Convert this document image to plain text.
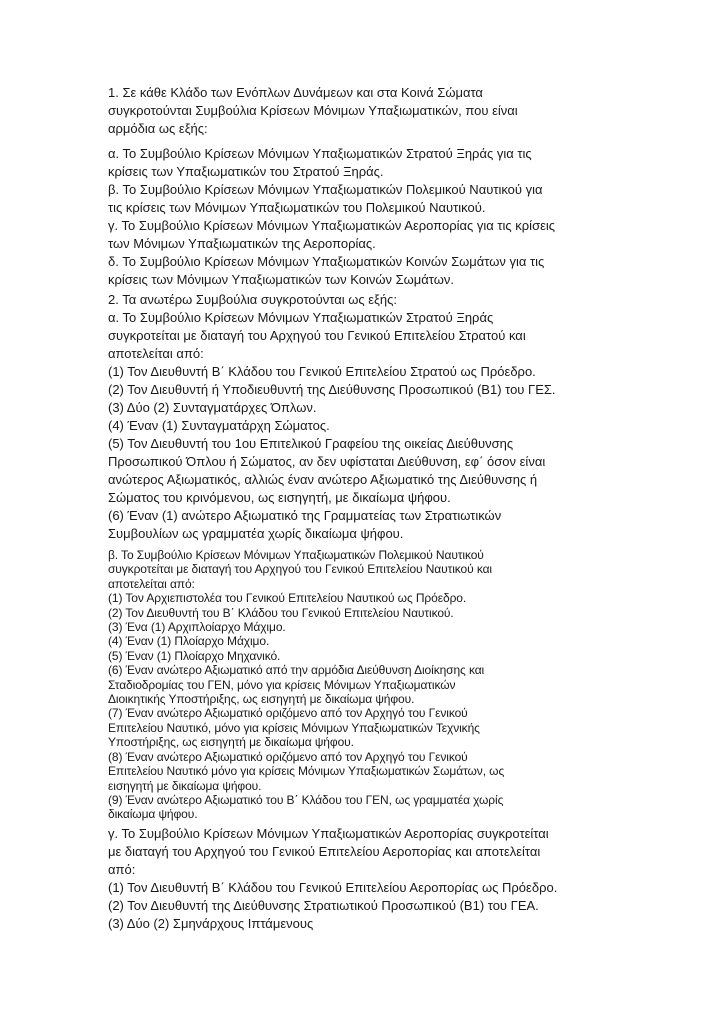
1. Σε κάθε Κλάδο των Ενόπλων Δυνάμεων και στα Κοινά Σώματα
συγκροτούνται Συμβούλια Κρίσεων Μόνιμων Υπαξιωματικών, που είναι
αρμόδια ως εξής:
α. Το Συμβούλιο Κρίσεων Μόνιμων Υπαξιωματικών Στρατού Ξηράς για τις
κρίσεις των Υπαξιωματικών του Στρατού Ξηράς.
β. Το Συμβούλιο Κρίσεων Μόνιμων Υπαξιωματικών Πολεμικού Ναυτικού για
τις κρίσεις των Μόνιμων Υπαξιωματικών του Πολεμικού Ναυτικού.
γ. Το Συμβούλιο Κρίσεων Μόνιμων Υπαξιωματικών Αεροπορίας για τις κρίσεις
των Μόνιμων Υπαξιωματικών της Αεροπορίας.
δ. Το Συμβούλιο Κρίσεων Μόνιμων Υπαξιωματικών Κοινών Σωμάτων για τις
κρίσεις των Μόνιμων Υπαξιωματικών των Κοινών Σωμάτων.
2. Τα ανωτέρω Συμβούλια συγκροτούνται ως εξής:
α. Το Συμβούλιο Κρίσεων Μόνιμων Υπαξιωματικών Στρατού Ξηράς
συγκροτείται με διαταγή του Αρχηγού του Γενικού Επιτελείου Στρατού και
αποτελείται από:
(1) Τον Διευθυντή Β΄ Κλάδου του Γενικού Επιτελείου Στρατού ως Πρόεδρο.
(2) Τον Διευθυντή ή Υποδιευθυντή της Διεύθυνσης Προσωπικού (Β1) του ΓΕΣ.
(3) Δύο (2) Συνταγματάρχες Όπλων.
(4) Έναν (1) Συνταγματάρχη Σώματος.
(5) Τον Διευθυντή του 1ου Επιτελικού Γραφείου της οικείας Διεύθυνσης
Προσωπικού Όπλου ή Σώματος, αν δεν υφίσταται Διεύθυνση, εφ΄ όσον είναι
ανώτερος Αξιωματικός, αλλιώς έναν ανώτερο Αξιωματικό της Διεύθυνσης ή
Σώματος του κρινόμενου, ως εισηγητή, με δικαίωμα ψήφου.
(6) Έναν (1) ανώτερο Αξιωματικό της Γραμματείας των Στρατιωτικών
Συμβουλίων ως γραμματέα χωρίς δικαίωμα ψήφου.
β. Το Συμβούλιο Κρίσεων Μόνιμων Υπαξιωματικών Πολεμικού Ναυτικού
συγκροτείται με διαταγή του Αρχηγού του Γενικού Επιτελείου Ναυτικού και
αποτελείται από:
(1) Τον Αρχιεπιστολέα του Γενικού Επιτελείου Ναυτικού ως Πρόεδρο.
(2) Τον Διευθυντή του Β΄ Κλάδου του Γενικού Επιτελείου Ναυτικού.
(3) Ένα (1) Αρχιπλοίαρχο Μάχιμο.
(4) Έναν (1) Πλοίαρχο Μάχιμο.
(5) Έναν (1) Πλοίαρχο Μηχανικό.
(6) Έναν ανώτερο Αξιωματικό από την αρμόδια Διεύθυνση Διοίκησης και
Σταδιοδρομίας του ΓΕΝ, μόνο για κρίσεις Μόνιμων Υπαξιωματικών
Διοικητικής Υποστήριξης, ως εισηγητή με δικαίωμα ψήφου.
(7) Έναν ανώτερο Αξιωματικό οριζόμενο από τον Αρχηγό του Γενικού
Επιτελείου Ναυτικό, μόνο για κρίσεις Μόνιμων Υπαξιωματικών Τεχνικής
Υποστήριξης, ως εισηγητή με δικαίωμα ψήφου.
(8) Έναν ανώτερο Αξιωματικό οριζόμενο από τον Αρχηγό του Γενικού
Επιτελείου Ναυτικό μόνο για κρίσεις Μόνιμων Υπαξιωματικών Σωμάτων, ως
εισηγητή με δικαίωμα ψήφου.
(9) Έναν ανώτερο Αξιωματικό του Β΄ Κλάδου του ΓΕΝ, ως γραμματέα χωρίς
δικαίωμα ψήφου.
γ. Το Συμβούλιο Κρίσεων Μόνιμων Υπαξιωματικών Αεροπορίας συγκροτείται
με διαταγή του Αρχηγού του Γενικού Επιτελείου Αεροπορίας και αποτελείται
από:
(1) Τον Διευθυντή Β΄ Κλάδου του Γενικού Επιτελείου Αεροπορίας ως Πρόεδρο.
(2) Τον Διευθυντή της Διεύθυνσης Στρατιωτικού Προσωπικού (Β1) του ΓΕΑ.
(3) Δύο (2) Σμηνάρχους Ιπτάμενους
